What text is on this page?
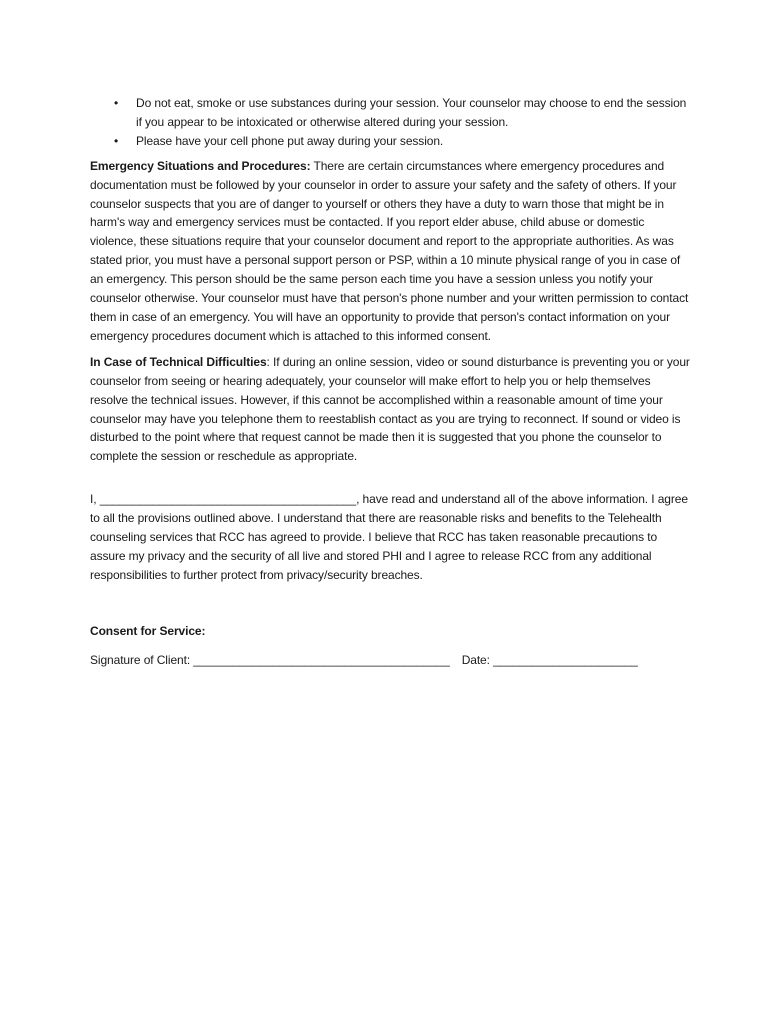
• Do not eat, smoke or use substances during your session. Your counselor may choose to end the session if you appear to be intoxicated or otherwise altered during your session.
• Please have your cell phone put away during your session.

Emergency Situations and Procedures: There are certain circumstances where emergency procedures and documentation must be followed by your counselor in order to assure your safety and the safety of others. If your counselor suspects that you are of danger to yourself or others they have a duty to warn those that might be in harm's way and emergency services must be contacted. If you report elder abuse, child abuse or domestic violence, these situations require that your counselor document and report to the appropriate authorities. As was stated prior, you must have a personal support person or PSP, within a 10 minute physical range of you in case of an emergency. This person should be the same person each time you have a session unless you notify your counselor otherwise. Your counselor must have that person's phone number and your written permission to contact them in case of an emergency. You will have an opportunity to provide that person's contact information on your emergency procedures document which is attached to this informed consent.

In Case of Technical Difficulties: If during an online session, video or sound disturbance is preventing you or your counselor from seeing or hearing adequately, your counselor will make effort to help you or help themselves resolve the technical issues. However, if this cannot be accomplished within a reasonable amount of time your counselor may have you telephone them to reestablish contact as you are trying to reconnect. If sound or video is disturbed to the point where that request cannot be made then it is suggested that you phone the counselor to complete the session or reschedule as appropriate.

I, _______________________________________, have read and understand all of the above information. I agree to all the provisions outlined above. I understand that there are reasonable risks and benefits to the Telehealth counseling services that RCC has agreed to provide. I believe that RCC has taken reasonable precautions to assure my privacy and the security of all live and stored PHI and I agree to release RCC from any additional responsibilities to further protect from privacy/security breaches.

Consent for Service:
Signature of Client: _______________________________________ Date: ______________________
